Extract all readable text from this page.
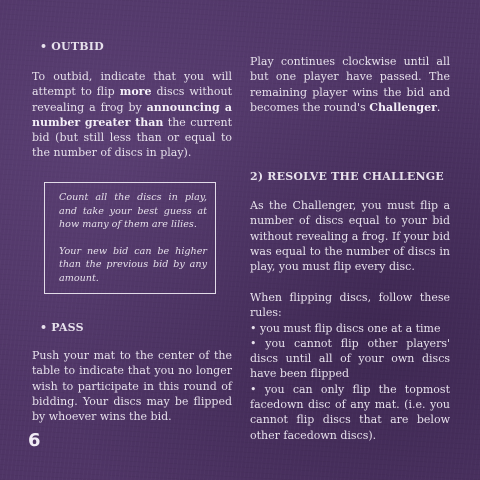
• OUTBID
To outbid, indicate that you will attempt to flip more discs without revealing a frog by announcing a number greater than the current bid (but still less than or equal to the number of discs in play).

Count all the discs in play, and take your best guess at how many of them are lilies.

Your new bid can be higher than the previous bid by any amount.

• PASS
Push your mat to the center of the table to indicate that you no longer wish to participate in this round of bidding. Your discs may be flipped by whoever wins the bid.
6
Play continues clockwise until all but one player have passed. The remaining player wins the bid and becomes the round's Challenger.
2) RESOLVE THE CHALLENGE
As the Challenger, you must flip a number of discs equal to your bid without revealing a frog. If your bid was equal to the number of discs in play, you must flip every disc.

When flipping discs, follow these rules:

• you must flip discs one at a time

• you cannot flip other players' discs until all of your own discs have been flipped

• you can only flip the topmost facedown disc of any mat. (i.e. you cannot flip discs that are below other facedown discs).
